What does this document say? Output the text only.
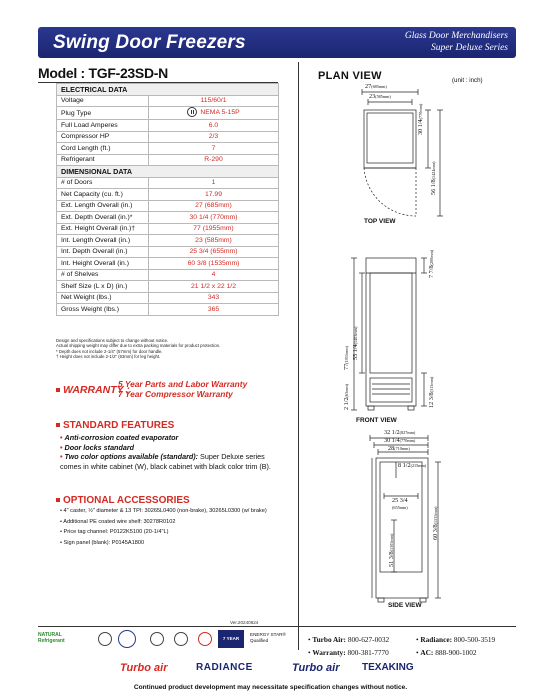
Swing Door Freezers	Glass Door Merchandisers
Super Deluxe Series
Model : TGF-23SD-N
ELECTRICAL DATA	
Voltage	115/60/1
Plug Type	NEMA 5-15P

Full Load Amperes	6.0
Compressor HP	2/3
Cord Length (ft.)	7
Refrigerant	R-290
DIMENSIONAL DATA	
# of Doors	1
Net Capacity (cu. ft.)	17.99
Ext. Length Overall (in.)	27 (685mm)
Ext. Depth Overall (in.)*	30 1/4 (770mm)
Ext. Height Overall (in.)†	77 (1955mm)
Int. Length Overall (in.)	23 (585mm)
Int. Depth Overall (in.)	25 3/4 (655mm)
Int. Height Overall (in.)	60 3/8 (1535mm)
# of Shelves	4
Shelf Size (L x D) (in.)	21 1/2 x 22 1/2
Net Weight (lbs.)	343
Gross Weight (lbs.)	365
Design and specifications subject to change without notice.
Actual shipping weight may differ due to extra packing materials for product protection.
* Depth does not include 2-1/4" (57mm) for door handle.
† Height does not include 2-1/2" (63mm) for leg height.
WARRANTY :
5 Year Parts and Labor Warranty
7 Year Compressor Warranty
STANDARD FEATURES
• Anti-corrosion coated evaporator
• Door locks standard
• Two color options available (standard): Super Deluxe series comes in white cabinet (W), black cabinet with black color trim (B).
OPTIONAL ACCESSORIES
• 4" caster, ½" diameter & 13 TPI: 30265L0400 (non-brake), 30265L0300 (w/ brake)
• Additional PE coated wire shelf: 30278R0102
• Price tag channel: P0122K5100 (20-1/4"L)
• Sign panel (blank): P0145A1800
Ver.20240624
PLAN VIEW	(unit : inch)
27(685mm)
23(585mm)
30 1/4(770mm)
56 1/8(1424mm)
TOP VIEW
77(1955mm) 55 1/4(1403mm)
7 7/8(200mm)
12 3/8(313mm)
2 1/2(63mm)
FRONT VIEW
32 1/2(827mm)
30 1/4(770mm)
28(710mm)
8 1/2(215mm)
25 3/4
(655mm)
51 3/8(1305mm)
60 3/8(1535mm)
SIDE VIEW
NATURAL Refrigerant	7 YEAR
ENERGY STAR® Qualified	• Turbo Air: 800-627-0032	• Radiance: 800-500-3519
• Warranty: 800-381-7770	• AC: 888-900-1002
Turbo air	RADIANCE	Turbo air TEXAKING
Continued product development may necessitate specification changes without notice.
